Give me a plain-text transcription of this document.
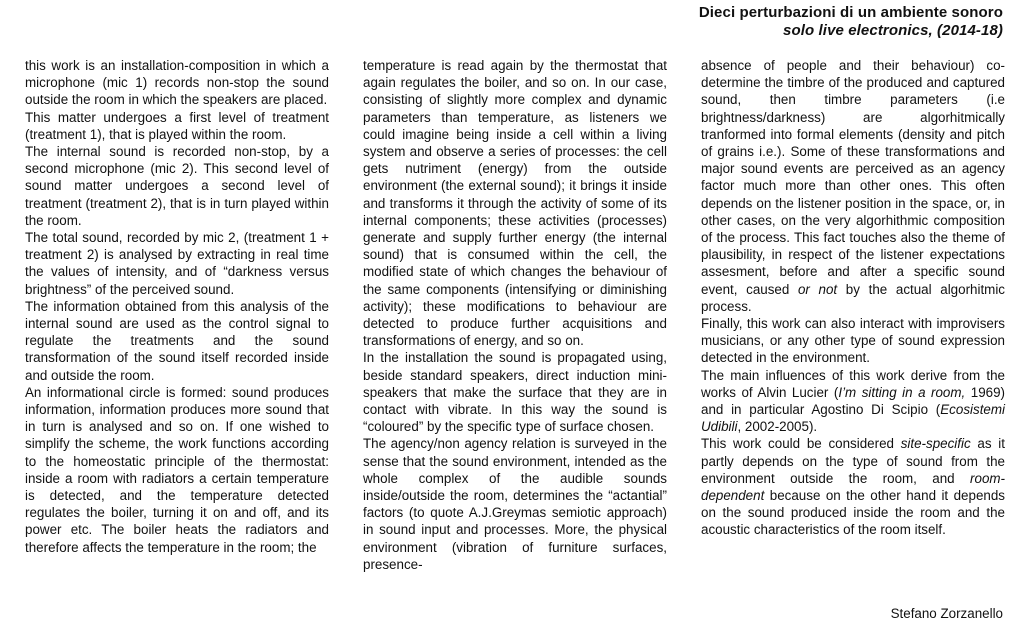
Dieci perturbazioni di un ambiente sonoro
solo live electronics, (2014-18)

this work is an installation-composition in which a microphone (mic 1) records non-stop the sound outside the room in which the speakers are placed.

This matter undergoes a first level of treatment (treatment 1), that is played within the room.

The internal sound is recorded non-stop, by a second microphone (mic 2). This second level of sound matter undergoes a second level of treatment (treatment 2), that is in turn played within the room.

The total sound, recorded by mic 2, (treatment 1 + treatment 2) is analysed by extracting in real time the values of intensity, and of “darkness versus brightness” of the perceived sound.

The information obtained from this analysis of the internal sound are used as the control signal to regulate the treatments and the sound transformation of the sound itself recorded inside and outside the room.

An informational circle is formed: sound produces information, information produces more sound that in turn is analysed and so on. If one wished to simplify the scheme, the work functions according to the homeostatic principle of the thermostat: inside a room with radiators a certain temperature is detected, and the temperature detected regulates the boiler, turning it on and off, and its power etc. The boiler heats the radiators and therefore affects the temperature in the room; the

temperature is read again by the thermostat that again regulates the boiler, and so on. In our case, consisting of slightly more complex and dynamic parameters than temperature, as listeners we could imagine being inside a cell within a living system and observe a series of processes: the cell gets nutriment (energy) from the outside environment (the external sound); it brings it inside and transforms it through the activity of some of its internal components; these activities (processes) generate and supply further energy (the internal sound) that is consumed within the cell, the modified state of which changes the behaviour of the same components (intensifying or diminishing activity); these modifications to behaviour are detected to produce further acquisitions and transformations of energy, and so on.

In the installation the sound is propagated using, beside standard speakers, direct induction mini-speakers that make the surface that they are in contact with vibrate. In this way the sound is “coloured” by the specific type of surface chosen.

The agency/non agency relation is surveyed in the sense that the sound environment, intended as the whole complex of the audible sounds inside/outside the room, determines the “actantial” factors (to quote A.J.Greymas semiotic approach) in sound input and processes. More, the physical environment (vibration of furniture surfaces, presence-

absence of people and their behaviour) co-determine the timbre of the produced and captured sound, then timbre parameters (i.e brightness/darkness) are algorhitmically tranformed into formal elements (density and pitch of grains i.e.). Some of these transformations and major sound events are perceived as an agency factor much more than other ones. This often depends on the listener position in the space, or, in other cases, on the very algorhithmic composition of the process. This fact touches also the theme of plausibility, in respect of the listener expectations assesment, before and after a specific sound event, caused or not by the actual algorhitmic process.

Finally, this work can also interact with improvisers musicians, or any other type of sound expression detected in the environment.

The main influences of this work derive from the works of Alvin Lucier (I’m sitting in a room, 1969) and in particular Agostino Di Scipio (Ecosistemi Udibili, 2002-2005).

This work could be considered site-specific as it partly depends on the type of sound from the environment outside the room, and room-dependent because on the other hand it depends on the sound produced inside the room and the acoustic characteristics of the room itself.

Stefano Zorzanello
